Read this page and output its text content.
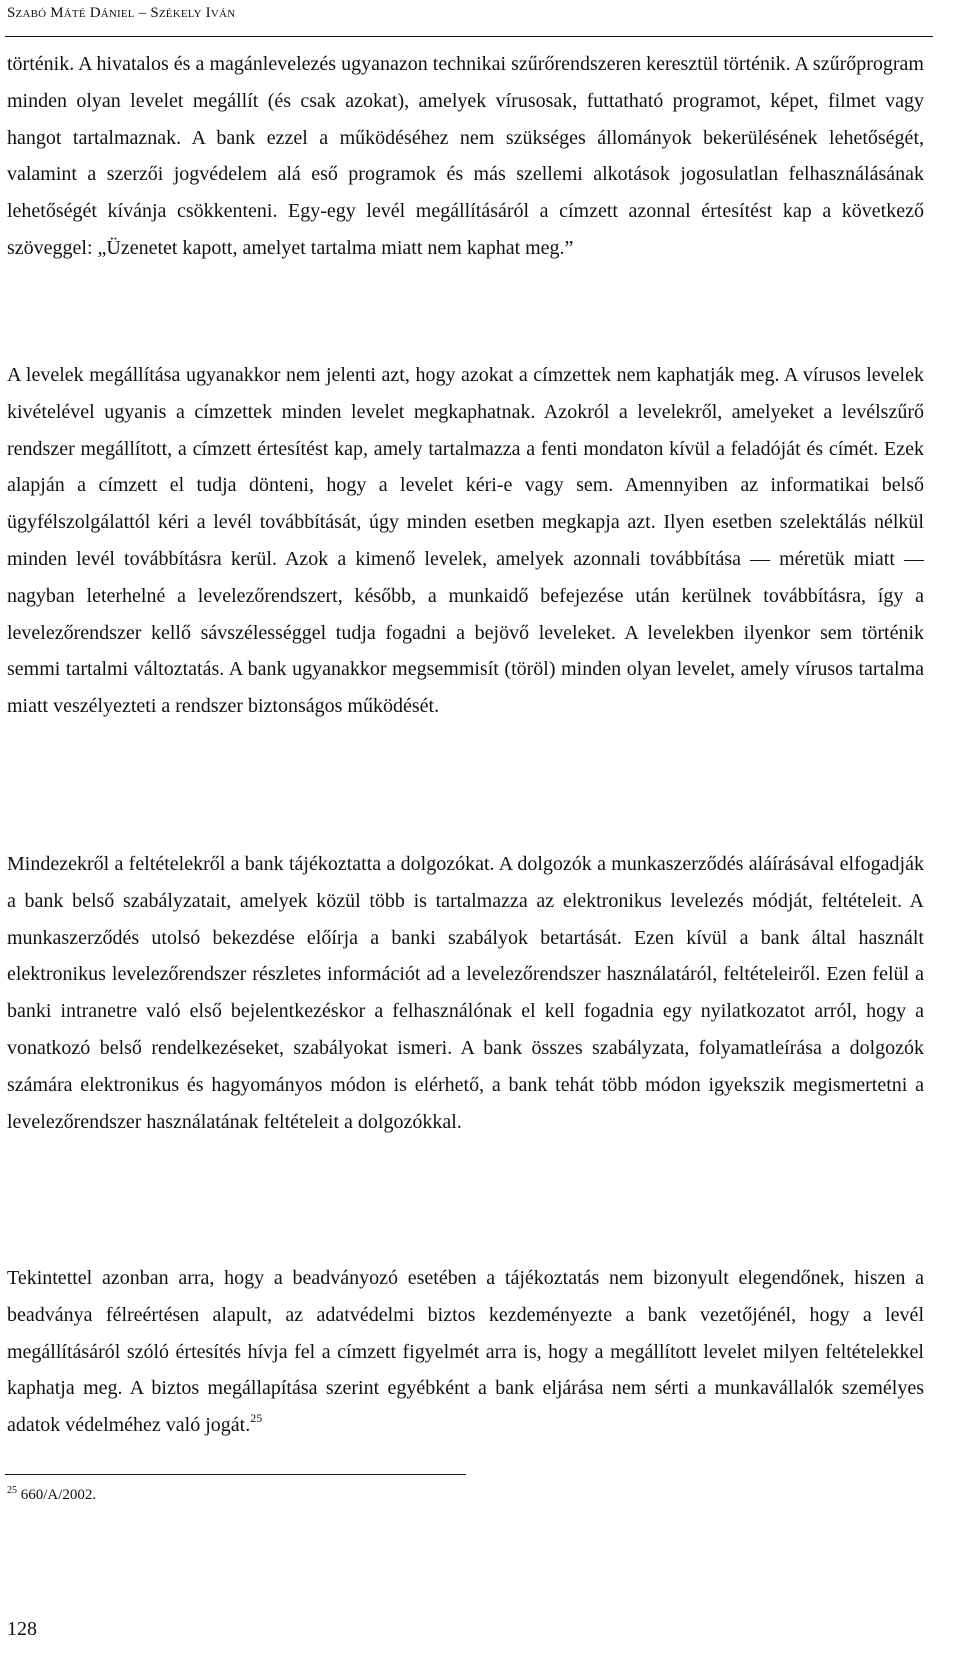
Szabó Máté Dániel – Székely Iván

történik. A hivatalos és a magánlevelezés ugyanazon technikai szűrőrendszeren keresztül történik. A szűrőprogram minden olyan levelet megállít (és csak azokat), amelyek vírusosak, futtatható programot, képet, filmet vagy hangot tartalmaznak. A bank ezzel a működéséhez nem szükséges állományok bekerülésének lehetőségét, valamint a szerzői jogvédelem alá eső programok és más szellemi alkotások jogosulatlan felhasználásának lehetőségét kívánja csökkenteni. Egy-egy levél megállításáról a címzett azonnal értesítést kap a következő szöveggel: „Üzenetet kapott, amelyet tartalma miatt nem kaphat meg.”

A levelek megállítása ugyanakkor nem jelenti azt, hogy azokat a címzettek nem kaphatják meg. A vírusos levelek kivételével ugyanis a címzettek minden levelet megkaphatnak. Azokról a levelekről, amelyeket a levélszűrő rendszer megállított, a címzett értesítést kap, amely tartalmazza a fenti mondaton kívül a feladóját és címét. Ezek alapján a címzett el tudja dönteni, hogy a levelet kéri-e vagy sem. Amennyiben az informatikai belső ügyfélszolgálattól kéri a levél továbbítását, úgy minden esetben megkapja azt. Ilyen esetben szelektálás nélkül minden levél továbbításra kerül. Azok a kimenő levelek, amelyek azonnali továbbítása — méretük miatt — nagyban leterhelné a levelezőrendszert, később, a munkaidő befejezése után kerülnek továbbításra, így a levelezőrendszer kellő sávszélességgel tudja fogadni a bejövő leveleket. A levelekben ilyenkor sem történik semmi tartalmi változtatás. A bank ugyanakkor megsemmisít (töröl) minden olyan levelet, amely vírusos tartalma miatt veszélyezteti a rendszer biztonságos működését.

Mindezekről a feltételekről a bank tájékoztatta a dolgozókat. A dolgozók a munkaszerződés aláírásával elfogadják a bank belső szabályzatait, amelyek közül több is tartalmazza az elektronikus levelezés módját, feltételeit. A munkaszerződés utolsó bekezdése előírja a banki szabályok betartását. Ezen kívül a bank által használt elektronikus levelezőrendszer részletes információt ad a levelezőrendszer használatáról, feltételeiről. Ezen felül a banki intranetre való első bejelentkezéskor a felhasználónak el kell fogadnia egy nyilatkozatot arról, hogy a vonatkozó belső rendelkezéseket, szabályokat ismeri. A bank összes szabályzata, folyamatleírása a dolgozók számára elektronikus és hagyományos módon is elérhető, a bank tehát több módon igyekszik megismertetni a levelezőrendszer használatának feltételeit a dolgozókkal.

Tekintettel azonban arra, hogy a beadványozó esetében a tájékoztatás nem bizonyult elegendőnek, hiszen a beadványa félreértésen alapult, az adatvédelmi biztos kezdeményezte a bank vezetőjénél, hogy a levél megállításáról szóló értesítés hívja fel a címzett figyelmét arra is, hogy a megállított levelet milyen feltételekkel kaphatja meg. A biztos megállapítása szerint egyébként a bank eljárása nem sérti a munkavállalók személyes adatok védelméhez való jogát.$^{25}$

$^{25}$ 660/A/2002.
128
